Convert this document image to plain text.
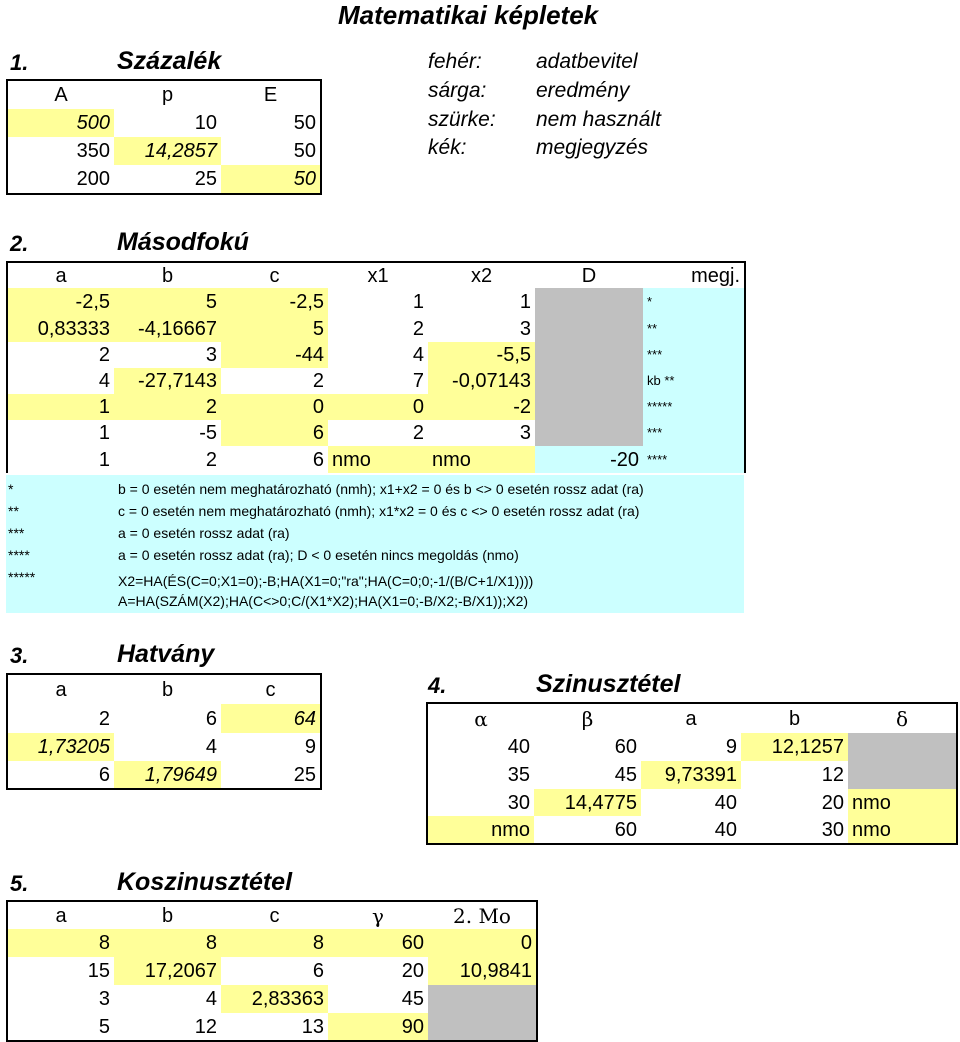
Matematikai képletek
fehér:	adatbevitel
sárga: eredmény
szürke: nem használt
kék:	megjegyzés
1.	Százalék
A	p	E
500	10	50
350	14,2857	50
200	25	50
2.	Másodfokú
a	b	c	x1	x2	D	megj.
-2,5	5	-2,5	1	1		*
0,83333	-4,16667	5	2	3		**
2	3	-44	4	-5,5		***
4	-27,7143	2	7	-0,07143		kb **
1	2	0	0	-2		*****
1	-5	6	2	3		***
1	2	6	nmo	nmo	-20	****
*	b = 0 esetén nem meghatározható (nmh); x1+x2 = 0 és b <> 0 esetén rossz adat (ra)
**	c = 0 esetén nem meghatározható (nmh); x1*x2 = 0 és c <> 0 esetén rossz adat (ra)
***	a = 0 esetén rossz adat (ra)
****	a = 0 esetén rossz adat (ra); D < 0 esetén nincs megoldás (nmo)
*****	X2=HA(ÉS(C=0;X1=0);-B;HA(X1=0;"ra";HA(C=0;0;-1/(B/C+1/X1))))
A=HA(SZÁM(X2);HA(C<>0;C/(X1*X2);HA(X1=0;-B/X2;-B/X1));X2)
3.	Hatvány
a	b	c
2	6	64
1,73205	4	9
6	1,79649	25
4.	Szinusztétel
α	β	a	b	δ
40	60	9	12,1257	
35	45	9,73391	12	
30	14,4775	40	20	nmo
nmo	60	40	30	nmo
5.	Koszinusztétel
a	b	c	γ	2. Mo
8	8	8	60	0
15	17,2067	6	20	10,9841
3	4	2,83363	45	
5	12	13	90	
